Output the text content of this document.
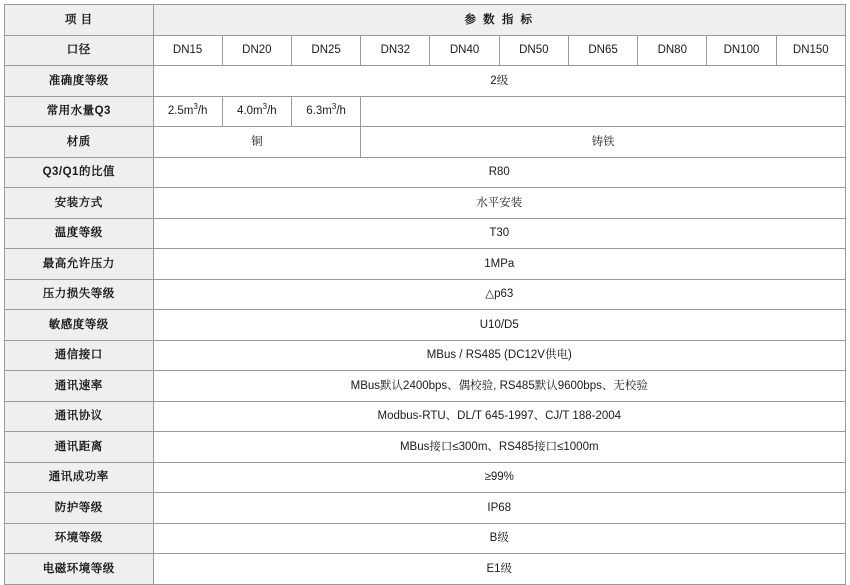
项 目	参 数 指 标									
口径	DN15	DN20	DN25	DN32	DN40	DN50	DN65	DN80	DN100	DN150
准确度等级	2级									
常用水量Q3	$2.5m^3/h$	$4.0m^3/h$	$6.3m^3/h$							
材质	铜			铸铁						
Q3/Q1的比值	R80									
安装方式	水平安装									
温度等级	T30									
最高允许压力	1MPa									
压力损失等级	△p63									
敏感度等级	U10/D5									
通信接口	MBus / RS485 (DC12V供电)									
通讯速率	MBus默认2400bps、偶校验, RS485默认9600bps、无校验									
通讯协议	Modbus-RTU、DL/T 645-1997、CJ/T 188-2004									
通讯距离	MBus接口≤300m、RS485接口≤1000m									
通讯成功率	≥99%									
防护等级	IP68									
环境等级	B级									
电磁环境等级	E1级									
